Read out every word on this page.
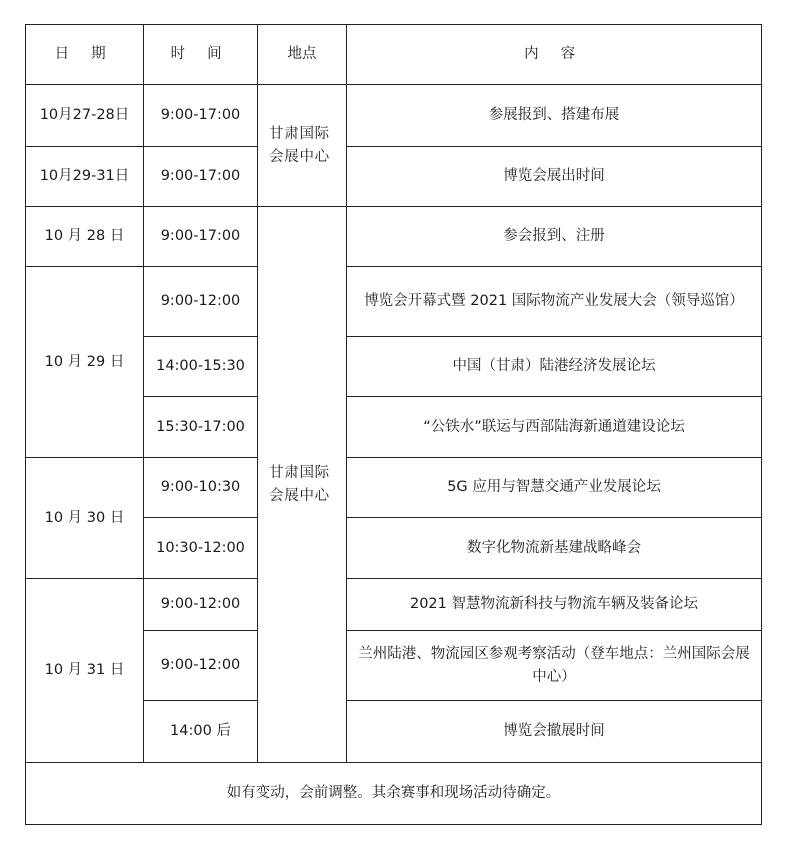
日 期	时 间	地点	内 容
10月27-28日	9:00-17:00	甘肃国际会展中心	参展报到、搭建布展
10月29-31日	9:00-17:00		博览会展出时间
10 月 28 日	9:00-17:00	甘肃国际会展中心	参会报到、注册
10 月 29 日	9:00-12:00		博览会开幕式暨 2021 国际物流产业发展大会（领导巡馆）
	14:00-15:30		中国（甘肃）陆港经济发展论坛
	15:30-17:00		“公铁水”联运与西部陆海新通道建设论坛
10 月 30 日	9:00-10:30		5G 应用与智慧交通产业发展论坛
	10:30-12:00		数字化物流新基建战略峰会
10 月 31 日	9:00-12:00		2021 智慧物流新科技与物流车辆及装备论坛
	9:00-12:00		兰州陆港、物流园区参观考察活动（登车地点：兰州国际会展中心）
	14:00 后		博览会撤展时间
如有变动，会前调整。其余赛事和现场活动待确定。			
